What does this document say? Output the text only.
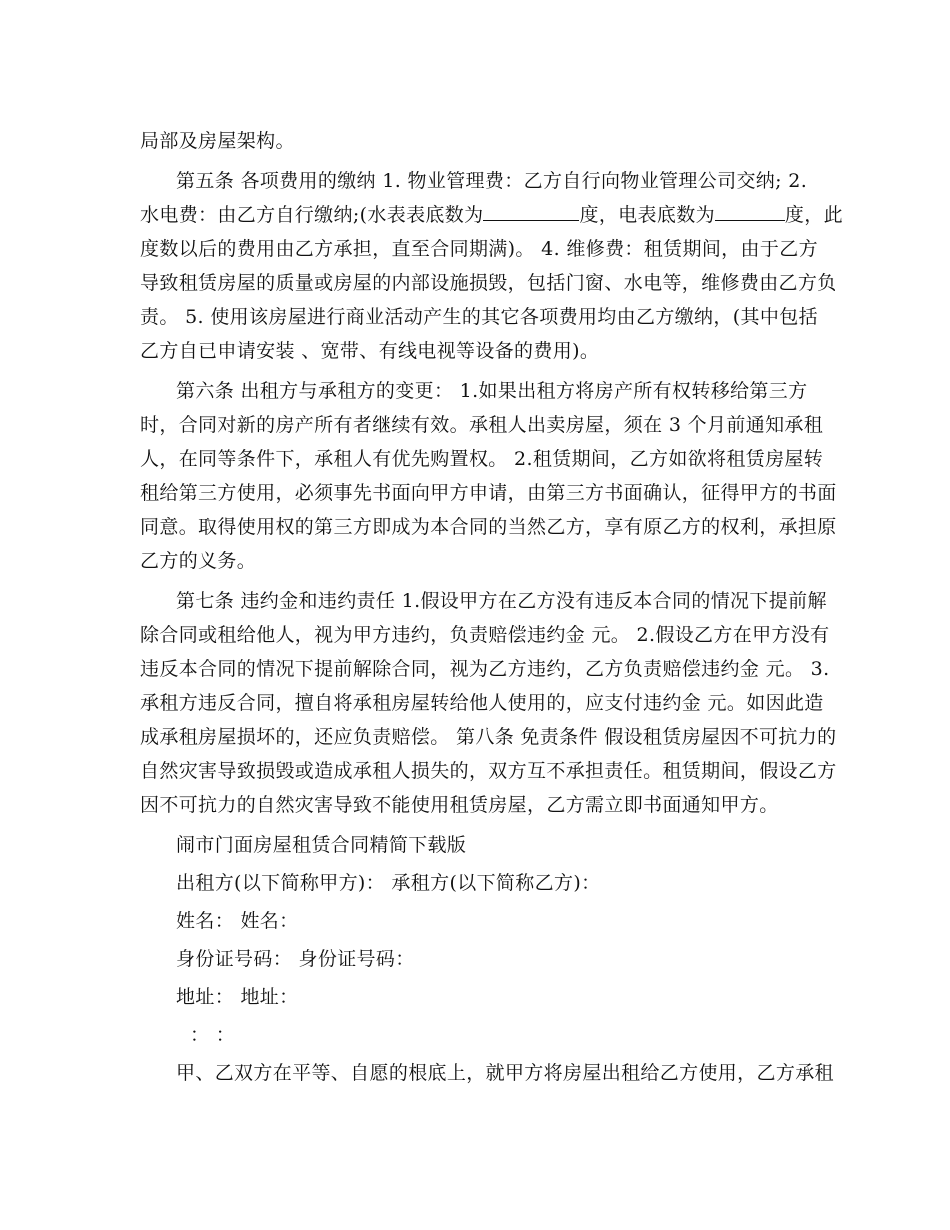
局部及房屋架构。
第五条 各项费用的缴纳 1. 物业管理费：乙方自行向物业管理公司交纳; 2.
水电费：由乙方自行缴纳;(水表表底数为	度，电表底数为	度，此
度数以后的费用由乙方承担，直至合同期满)。 4. 维修费：租赁期间，由于乙方
导致租赁房屋的质量或房屋的内部设施损毁，包括门窗、水电等，维修费由乙方负
责。 5. 使用该房屋进行商业活动产生的其它各项费用均由乙方缴纳，(其中包括
乙方自已申请安装 、宽带、有线电视等设备的费用)。
第六条 出租方与承租方的变更： 1.如果出租方将房产所有权转移给第三方
时，合同对新的房产所有者继续有效。承租人出卖房屋，须在 3 个月前通知承租
人，在同等条件下，承租人有优先购置权。 2.租赁期间，乙方如欲将租赁房屋转
租给第三方使用，必须事先书面向甲方申请，由第三方书面确认，征得甲方的书面
同意。取得使用权的第三方即成为本合同的当然乙方，享有原乙方的权利，承担原
乙方的义务。
第七条 违约金和违约责任 1.假设甲方在乙方没有违反本合同的情况下提前解
除合同或租给他人，视为甲方违约，负责赔偿违约金 元。 2.假设乙方在甲方没有
违反本合同的情况下提前解除合同，视为乙方违约，乙方负责赔偿违约金 元。 3.
承租方违反合同，擅自将承租房屋转给他人使用的，应支付违约金 元。如因此造
成承租房屋损坏的，还应负责赔偿。 第八条 免责条件 假设租赁房屋因不可抗力的
自然灾害导致损毁或造成承租人损失的，双方互不承担责任。租赁期间，假设乙方
因不可抗力的自然灾害导致不能使用租赁房屋，乙方需立即书面通知甲方。
闹市门面房屋租赁合同精简下载版
出租方(以下简称甲方)： 承租方(以下简称乙方)：
姓名： 姓名：
身份证号码： 身份证号码：
地址： 地址：
： ：
甲、乙双方在平等、自愿的根底上，就甲方将房屋出租给乙方使用，乙方承租
